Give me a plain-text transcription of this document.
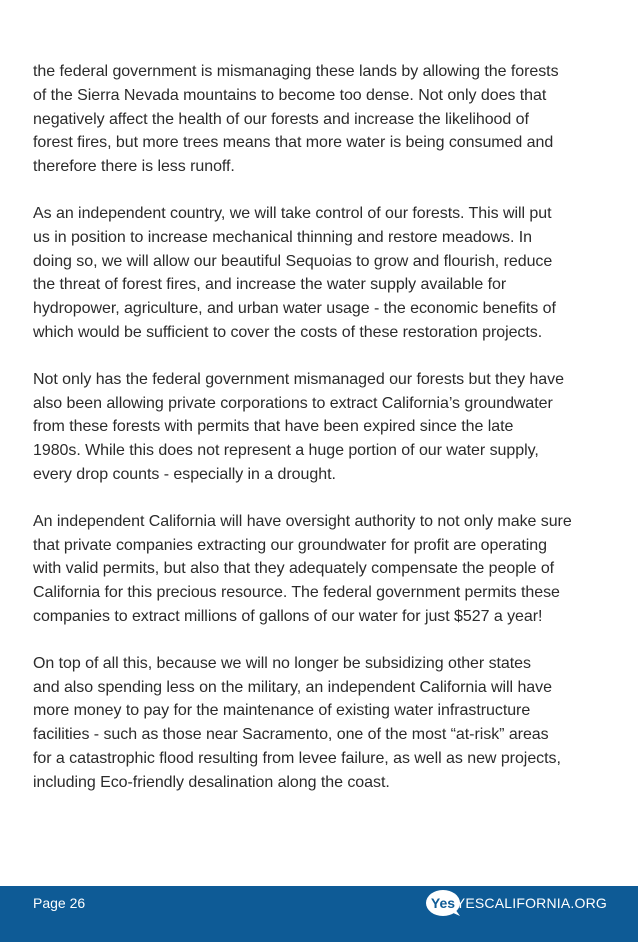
the federal government is mismanaging these lands by allowing the forests
of the Sierra Nevada mountains to become too dense. Not only does that
negatively affect the health of our forests and increase the likelihood of
forest fires, but more trees means that more water is being consumed and
therefore there is less runoff.

As an independent country, we will take control of our forests. This will put
us in position to increase mechanical thinning and restore meadows. In
doing so, we will allow our beautiful Sequoias to grow and flourish, reduce
the threat of forest fires, and increase the water supply available for
hydropower, agriculture, and urban water usage - the economic benefits of
which would be sufficient to cover the costs of these restoration projects.

Not only has the federal government mismanaged our forests but they have
also been allowing private corporations to extract California’s groundwater
from these forests with permits that have been expired since the late
1980s. While this does not represent a huge portion of our water supply,
every drop counts - especially in a drought.

An independent California will have oversight authority to not only make sure
that private companies extracting our groundwater for profit are operating
with valid permits, but also that they adequately compensate the people of
California for this precious resource. The federal government permits these
companies to extract millions of gallons of our water for just $527 a year!

On top of all this, because we will no longer be subsidizing other states
and also spending less on the military, an independent California will have
more money to pay for the maintenance of existing water infrastructure
facilities - such as those near Sacramento, one of the most “at-risk” areas
for a catastrophic flood resulting from levee failure, as well as new projects,
including Eco-friendly desalination along the coast.

Page 26	Yes YESCALIFORNIA.ORG
